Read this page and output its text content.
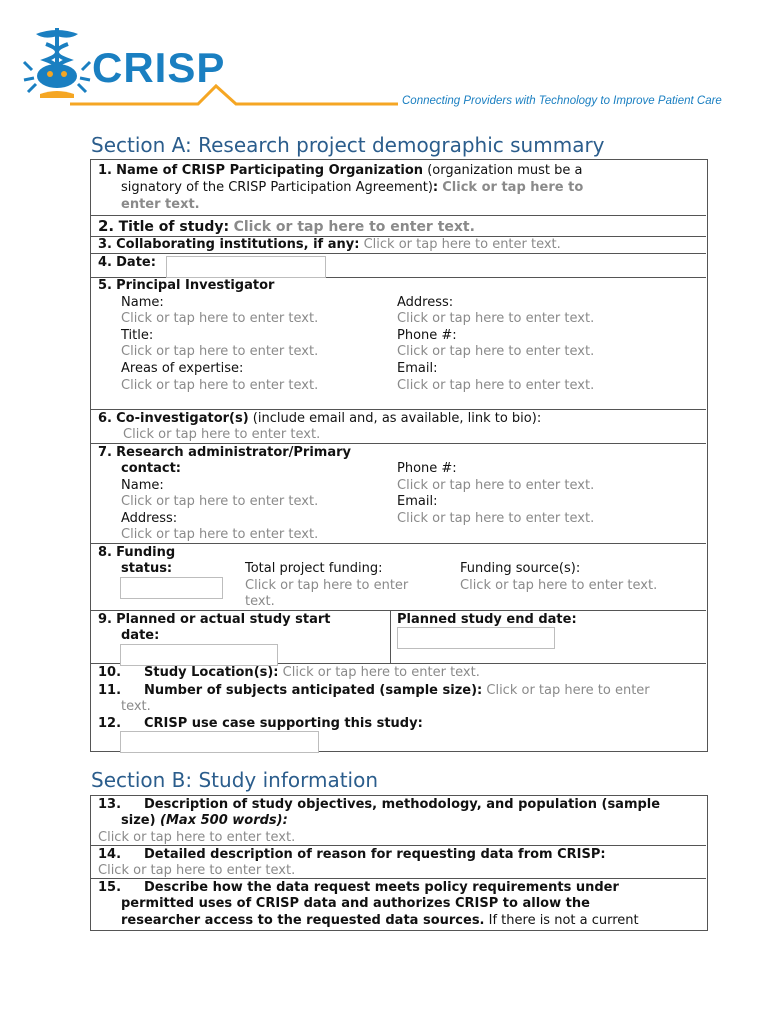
CRISP
Connecting Providers with Technology to Improve Patient Care
Section A: Research project demographic summary
1. Name of CRISP Participating Organization (organization must be a
signatory of the CRISP Participation Agreement): Click or tap here to
enter text.
2. Title of study: Click or tap here to enter text.
3. Collaborating institutions, if any: Click or tap here to enter text.
4. Date:
5. Principal Investigator
Name:
Click or tap here to enter text.
Title:
Click or tap here to enter text.
Areas of expertise:
Click or tap here to enter text.
Address:
Click or tap here to enter text.
Phone #:
Click or tap here to enter text.
Email:
Click or tap here to enter text.
6. Co-investigator(s) (include email and, as available, link to bio):
Click or tap here to enter text.
7. Research administrator/Primary
contact:
Name:
Click or tap here to enter text.
Address:
Click or tap here to enter text.
Phone #:
Click or tap here to enter text.
Email:
Click or tap here to enter text.
8. Funding
status:	Total project funding:
Click or tap here to enter
text.
Funding source(s):
Click or tap here to enter text.
9. Planned or actual study start
date:
Planned study end date:
10. Study Location(s): Click or tap here to enter text.
11. Number of subjects anticipated (sample size): Click or tap here to enter
text.
12. CRISP use case supporting this study:
Section B: Study information
13. Description of study objectives, methodology, and population (sample
size) (Max 500 words):
Click or tap here to enter text.
14. Detailed description of reason for requesting data from CRISP:
Click or tap here to enter text.
15. Describe how the data request meets policy requirements under
permitted uses of CRISP data and authorizes CRISP to allow the
researcher access to the requested data sources. If there is not a current
